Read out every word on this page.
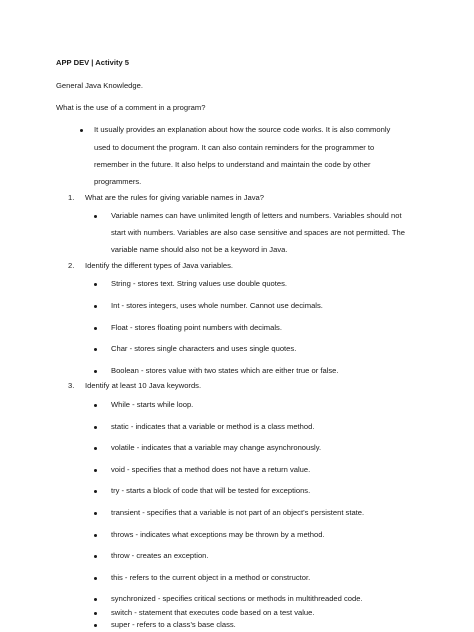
APP DEV | Activity 5
General Java Knowledge.
What is the use of a comment in a program?
It usually provides an explanation about how the source code works. It is also commonly
used to document the program. It can also contain reminders for the programmer to
remember in the future. It also helps to understand and maintain the code by other
programmers.
1. What are the rules for giving variable names in Java?
Variable names can have unlimited length of letters and numbers. Variables should not
start with numbers. Variables are also case sensitive and spaces are not permitted. The
variable name should also not be a keyword in Java.
2. Identify the different types of Java variables.
String - stores text. String values use double quotes.
Int - stores integers, uses whole number. Cannot use decimals.
Float - stores floating point numbers with decimals.
Char - stores single characters and uses single quotes.
Boolean - stores value with two states which are either true or false.
3. Identify at least 10 Java keywords.
While - starts while loop.
static - indicates that a variable or method is a class method.
volatile - indicates that a variable may change asynchronously.
void - specifies that a method does not have a return value.
try - starts a block of code that will be tested for exceptions.
transient - specifies that a variable is not part of an object’s persistent state.
throws - indicates what exceptions may be thrown by a method.
throw - creates an exception.
this - refers to the current object in a method or constructor.
synchronized - specifies critical sections or methods in multithreaded code.
switch - statement that executes code based on a test value.
super - refers to a class’s base class.
